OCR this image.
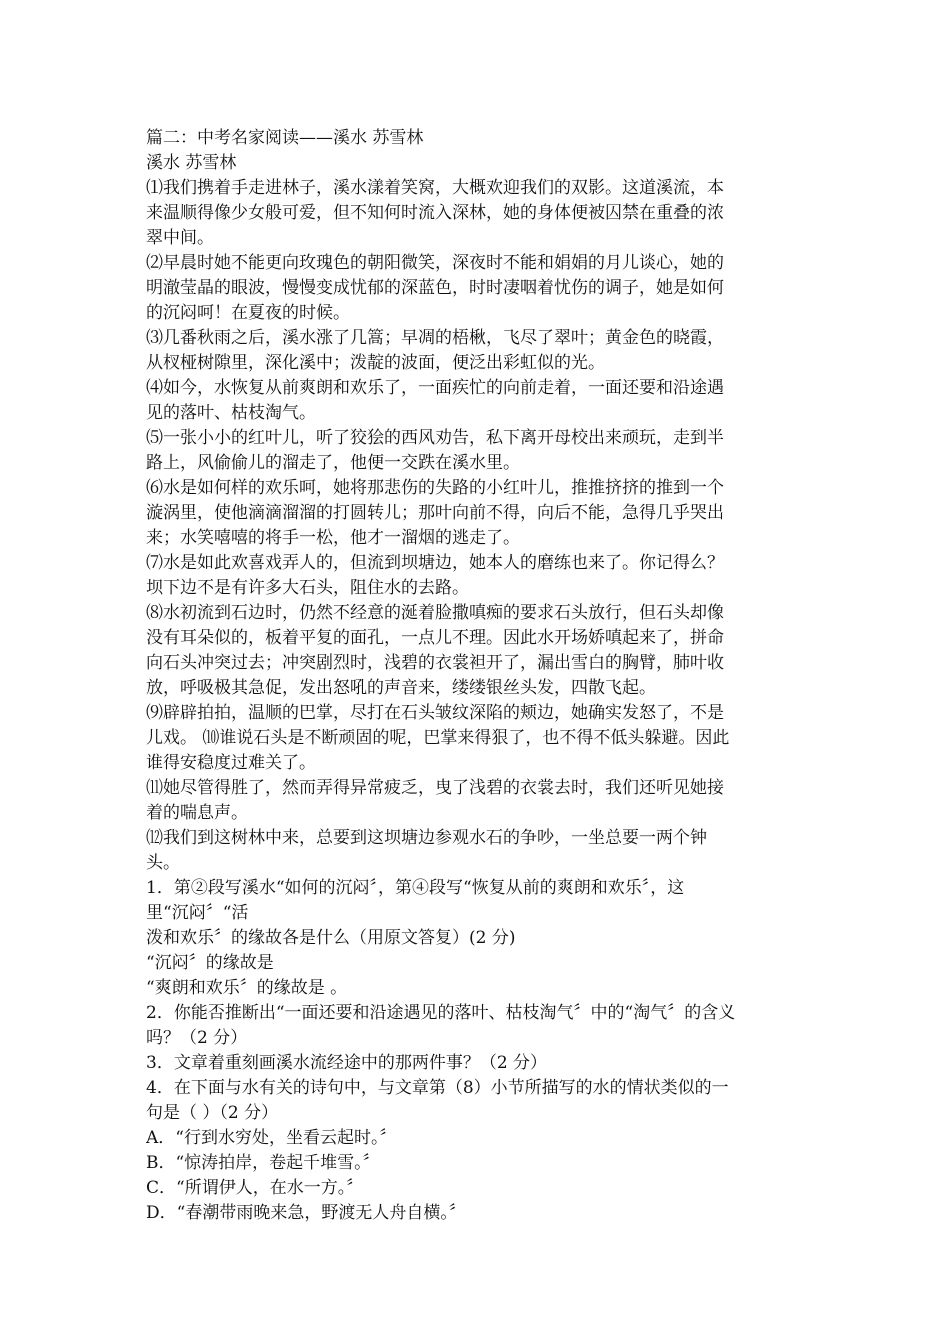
篇二：中考名家阅读——溪水 苏雪林
溪水 苏雪林
⑴我们携着手走进林子，溪水漾着笑窝，大概欢迎我们的双影。这道溪流，本
来温顺得像少女般可爱，但不知何时流入深林，她的身体便被囚禁在重叠的浓
翠中间。
⑵早晨时她不能更向玫瑰色的朝阳微笑，深夜时不能和娟娟的月儿谈心，她的
明澈莹晶的眼波，慢慢变成忧郁的深蓝色，时时凄咽着忧伤的调子，她是如何
的沉闷呵！在夏夜的时候。
⑶几番秋雨之后，溪水涨了几篙；早凋的梧楸，飞尽了翠叶；黄金色的晓霞，
从杈桠树隙里，深化溪中；泼靛的波面，便泛出彩虹似的光。
⑷如今，水恢复从前爽朗和欢乐了，一面疾忙的向前走着，一面还要和沿途遇
见的落叶、枯枝淘气。
⑸一张小小的红叶儿，听了狡狯的西风劝告，私下离开母校出来顽玩，走到半
路上，风偷偷儿的溜走了，他便一交跌在溪水里。
⑹水是如何样的欢乐呵，她将那悲伤的失路的小红叶儿，推推挤挤的推到一个
漩涡里，使他滴滴溜溜的打圆转儿；那叶向前不得，向后不能，急得几乎哭出
来；水笑嘻嘻的将手一松，他才一溜烟的逃走了。
⑺水是如此欢喜戏弄人的，但流到坝塘边，她本人的磨练也来了。你记得么？
坝下边不是有许多大石头，阻住水的去路。
⑻水初流到石边时，仍然不经意的涎着脸撒嗔痴的要求石头放行，但石头却像
没有耳朵似的，板着平复的面孔，一点儿不理。因此水开场娇嗔起来了，拼命
向石头冲突过去；冲突剧烈时，浅碧的衣裳袒开了，漏出雪白的胸臂，肺叶收
放，呼吸极其急促，发出怒吼的声音来，缕缕银丝头发，四散飞起。
⑼辟辟拍拍，温顺的巴掌，尽打在石头皱纹深陷的颊边，她确实发怒了，不是
儿戏。 ⑽谁说石头是不断顽固的呢，巴掌来得狠了，也不得不低头躲避。因此
谁得安稳度过难关了。
⑾她尽管得胜了，然而弄得异常疲乏，曳了浅碧的衣裳去时，我们还听见她接
着的喘息声。
⑿我们到这树林中来，总要到这坝塘边参观水石的争吵，一坐总要一两个钟
头。
1．第②段写溪水“如何的沉闷〞，第④段写“恢复从前的爽朗和欢乐〞，这
里“沉闷〞“活
泼和欢乐〞的缘故各是什么（用原文答复）(2 分)
“沉闷〞的缘故是
“爽朗和欢乐〞的缘故是 。
2．你能否推断出“一面还要和沿途遇见的落叶、枯枝淘气〞中的“淘气〞的含义
吗？（2 分）
3．文章着重刻画溪水流经途中的那两件事？（2 分）
4．在下面与水有关的诗句中，与文章第（8）小节所描写的水的情状类似的一
句是（ ）（2 分）
A．“行到水穷处，坐看云起时。〞
B．“惊涛拍岸，卷起千堆雪。〞
C．“所谓伊人，在水一方。〞
D．“春潮带雨晚来急，野渡无人舟自横。〞
